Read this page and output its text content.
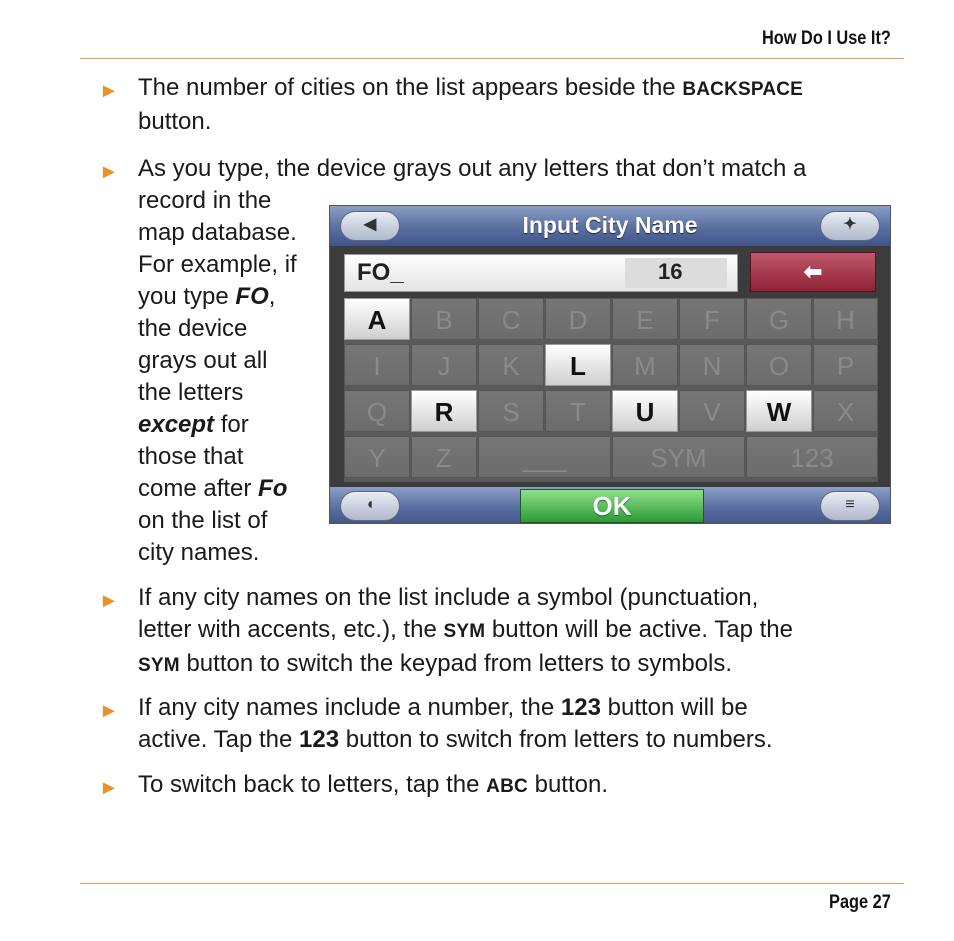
How Do I Use It?
► The number of cities on the list appears beside the BACKSPACE
button.
► As you type, the device grays out any letters that don’t match a
record in the
map database.
For example, if
you type FO,
the device
grays out all
the letters
except for
those that
come after Fo
on the list of
city names.
◀	Input City Name	✦
FO_	16	⬅
A	B	C	D	E	F	G	H
I	J	K	L	M	N	O	P
Q	R	S	T	U	V	W	X
Y	Z	___	SYM	123
◖	OK	≡
► If any city names on the list include a symbol (punctuation,
letter with accents, etc.), the SYM button will be active. Tap the
SYM button to switch the keypad from letters to symbols.
► If any city names include a number, the 123 button will be
active. Tap the 123 button to switch from letters to numbers.
► To switch back to letters, tap the ABC button.
Page 27
